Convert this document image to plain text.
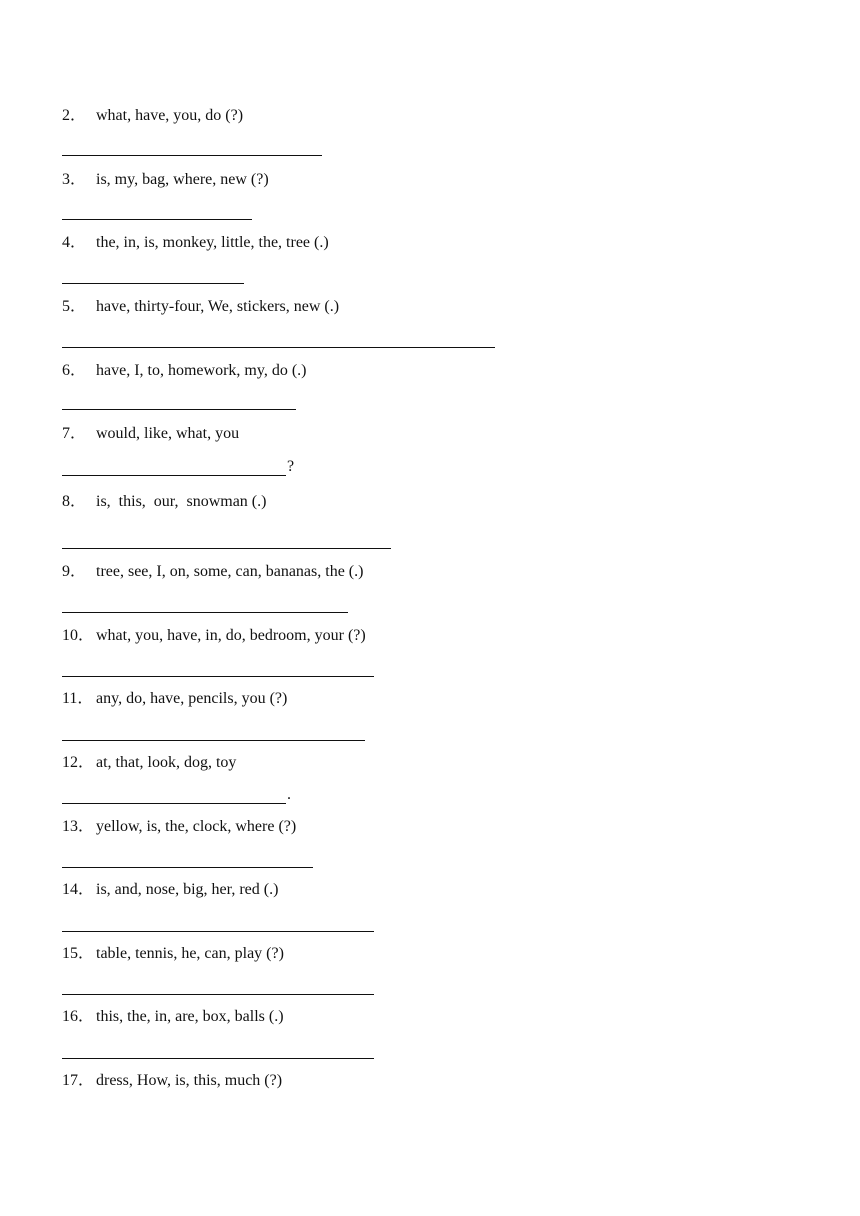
2． what, have, you, do (?)
3． is, my, bag, where, new (?)
4． the, in, is, monkey, little, the, tree (.)
5． have, thirty-four, We, stickers, new (.)
6． have, I, to, homework, my, do (.)
7． would, like, what, you
?
8． is,  this,  our,  snowman (.)
9． tree, see, I, on, some, can, bananas, the (.)
10． what, you, have, in, do, bedroom, your (?)
11． any, do, have, pencils, you (?)
12． at, that, look, dog, toy
.
13． yellow, is, the, clock, where (?)
14． is, and, nose, big, her, red (.)
15． table, tennis, he, can, play (?)
16． this, the, in, are, box, balls (.)
17． dress, How, is, this, much (?)
